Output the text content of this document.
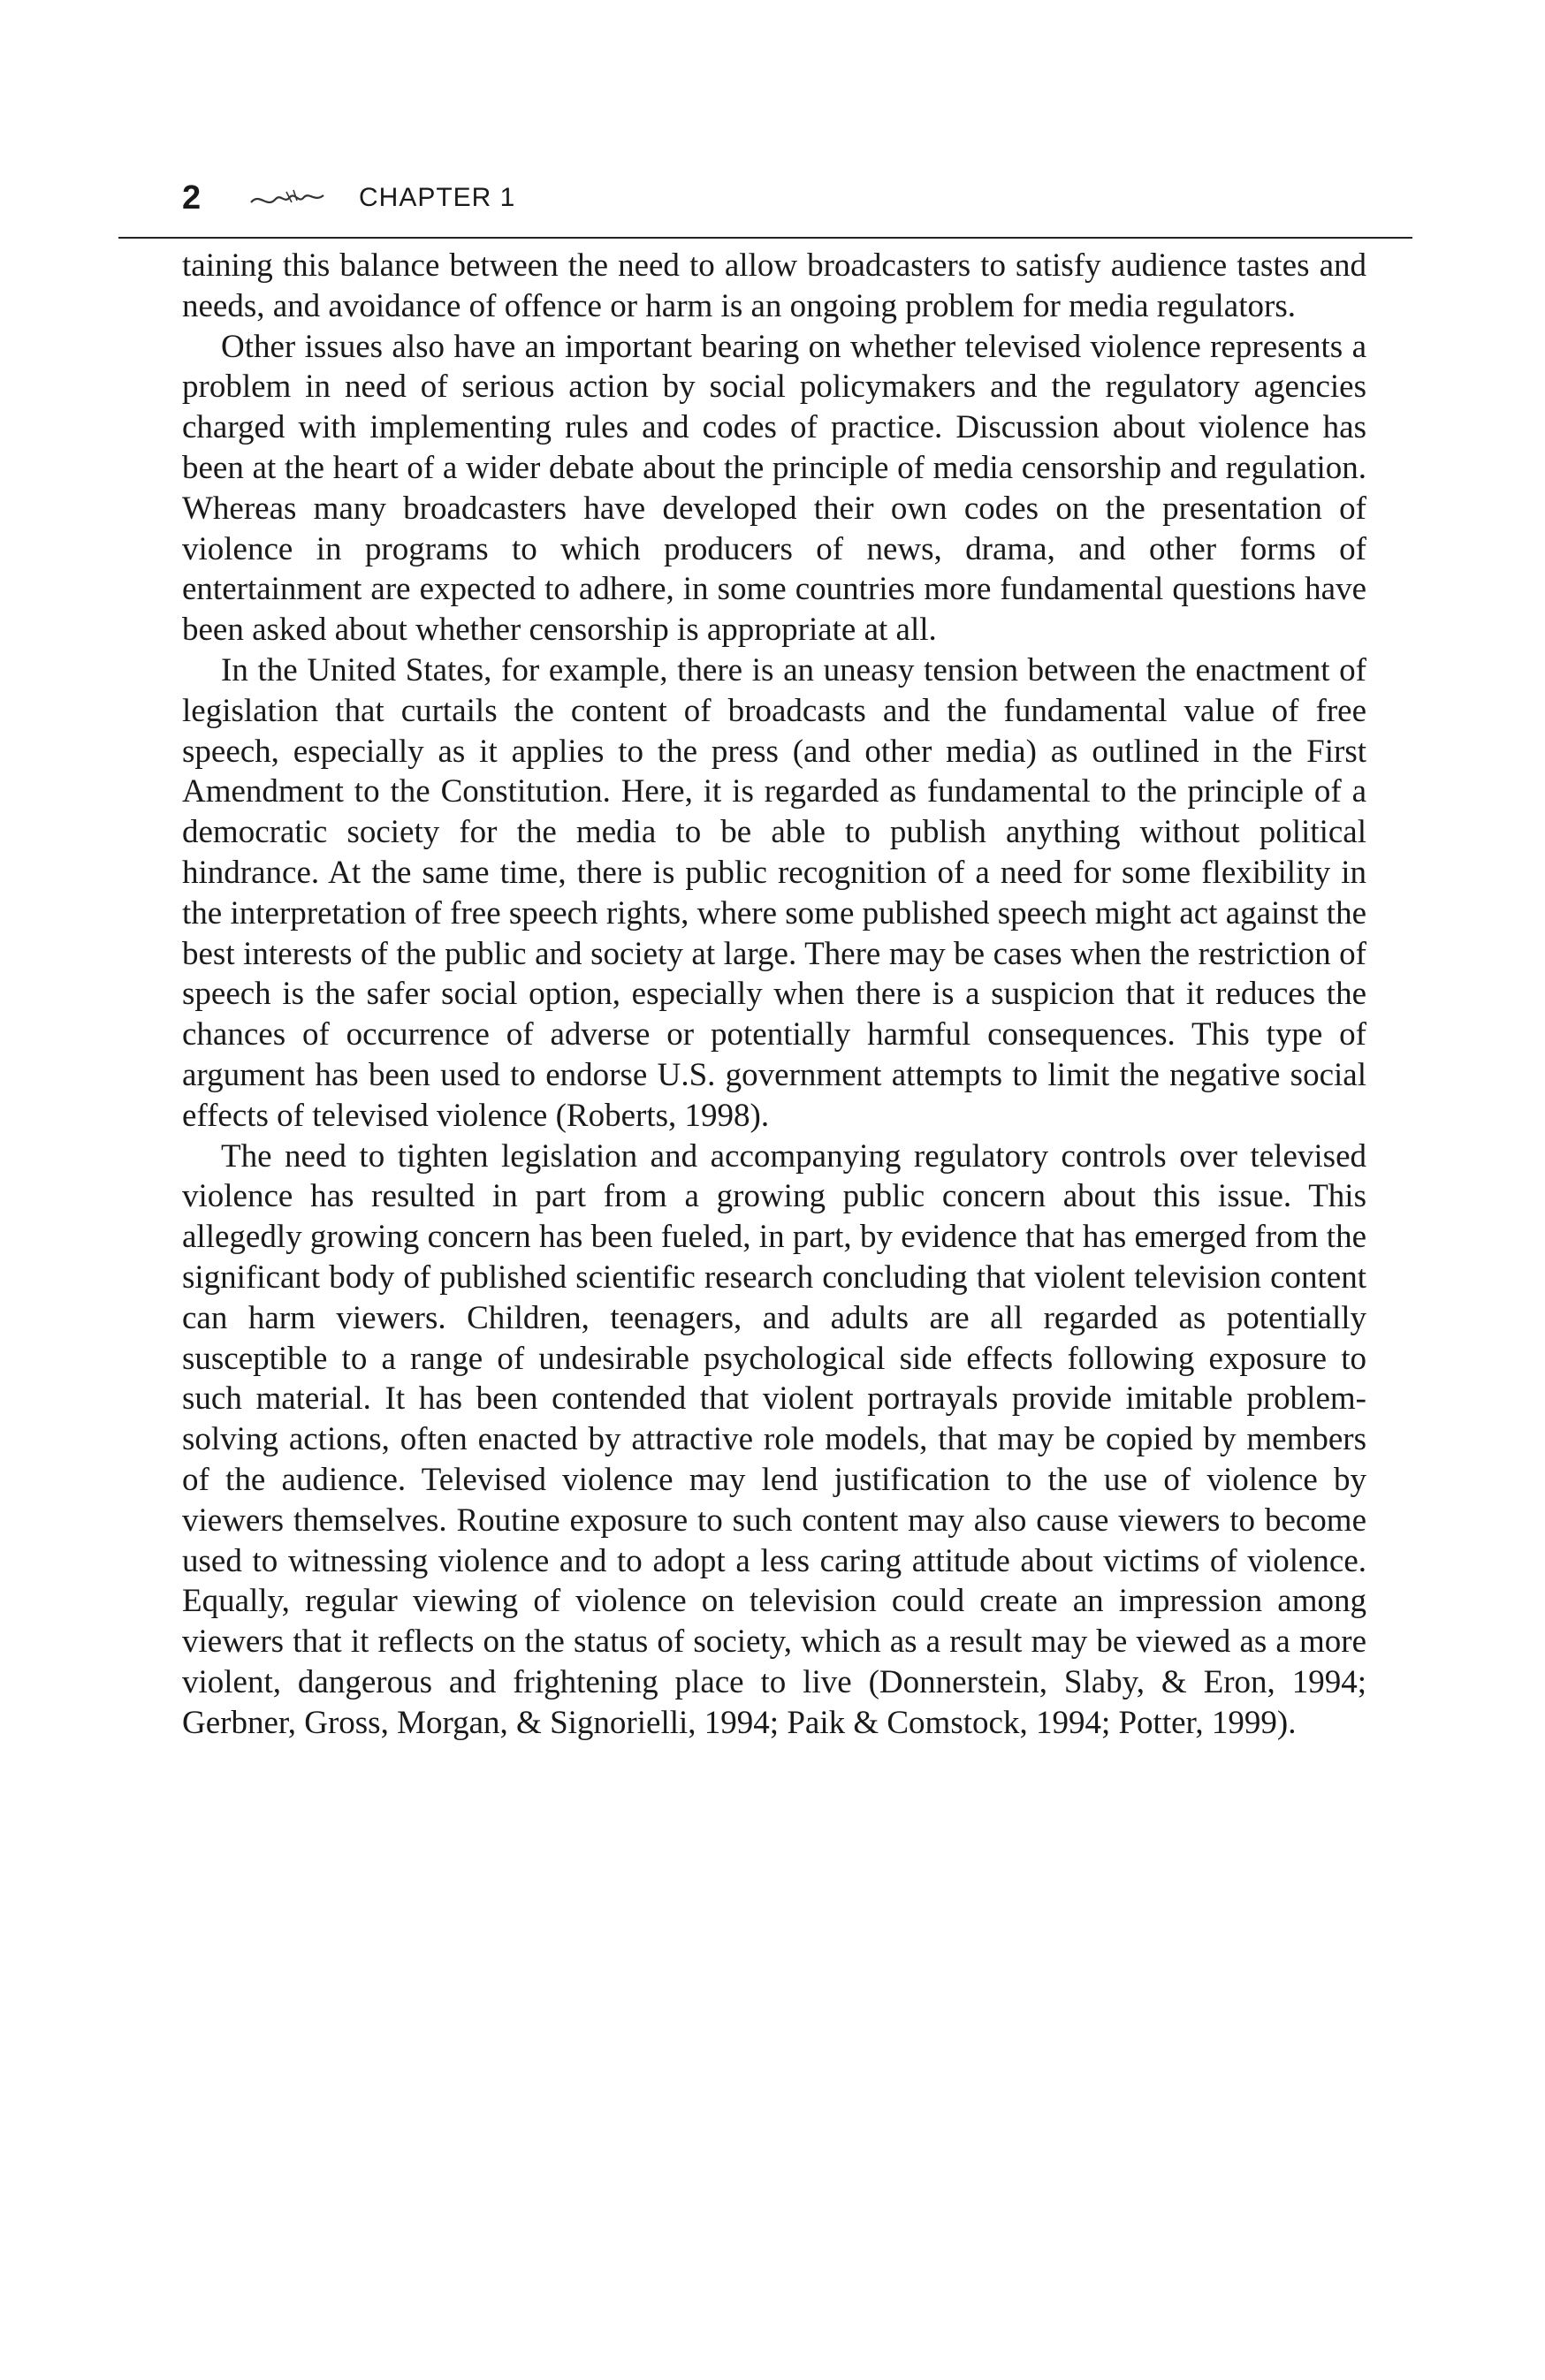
2	CHAPTER 1

taining this balance between the need to allow broadcasters to satisfy audience tastes and needs, and avoidance of offence or harm is an ongoing problem for media regulators.

Other issues also have an important bearing on whether televised violence represents a problem in need of serious action by social policymakers and the regulatory agencies charged with implementing rules and codes of practice. Discussion about violence has been at the heart of a wider debate about the principle of media censorship and regulation. Whereas many broadcasters have developed their own codes on the presentation of violence in programs to which producers of news, drama, and other forms of entertainment are expected to adhere, in some countries more fundamental questions have been asked about whether censorship is appropriate at all.

In the United States, for example, there is an uneasy tension between the enactment of legislation that curtails the content of broadcasts and the fundamental value of free speech, especially as it applies to the press (and other media) as outlined in the First Amendment to the Constitution. Here, it is regarded as fundamental to the principle of a democratic society for the media to be able to publish anything without political hindrance. At the same time, there is public recognition of a need for some flexibility in the interpretation of free speech rights, where some published speech might act against the best interests of the public and society at large. There may be cases when the restriction of speech is the safer social option, especially when there is a suspicion that it reduces the chances of occurrence of adverse or potentially harmful consequences. This type of argument has been used to endorse U.S. government attempts to limit the negative social effects of televised violence (Roberts, 1998).

The need to tighten legislation and accompanying regulatory controls over televised violence has resulted in part from a growing public concern about this issue. This allegedly growing concern has been fueled, in part, by evidence that has emerged from the significant body of published scientific research concluding that violent television content can harm viewers. Children, teenagers, and adults are all regarded as potentially susceptible to a range of undesirable psychological side effects following exposure to such material. It has been contended that violent portrayals provide imitable problem-solving actions, often enacted by attractive role models, that may be copied by members of the audience. Televised violence may lend justification to the use of violence by viewers themselves. Routine exposure to such content may also cause viewers to become used to witnessing violence and to adopt a less caring attitude about victims of violence. Equally, regular viewing of violence on television could create an impression among viewers that it reflects on the status of society, which as a result may be viewed as a more violent, dangerous and frightening place to live (Donnerstein, Slaby, & Eron, 1994; Gerbner, Gross, Morgan, & Signorielli, 1994; Paik & Comstock, 1994; Potter, 1999).
